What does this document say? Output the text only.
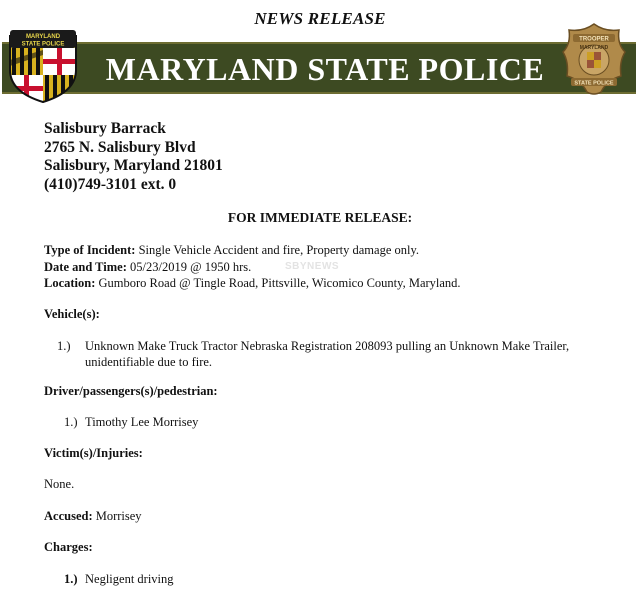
NEWS RELEASE
MARYLAND STATE POLICE
MARYLAND
STATE POLICE
TROOPER
MARYLAND
STATE POLICE
Salisbury Barrack
2765 N. Salisbury Blvd
Salisbury, Maryland 21801
(410)749-3101 ext. 0
FOR IMMEDIATE RELEASE:
Type of Incident: Single Vehicle Accident and fire, Property damage only.
Date and Time: 05/23/2019 @ 1950 hrs.
Location: Gumboro Road @ Tingle Road, Pittsville, Wicomico County, Maryland.
SBYNEWS
Vehicle(s):
1.) Unknown Make Truck Tractor Nebraska Registration 208093 pulling an Unknown Make Trailer,
unidentifiable due to fire.
Driver/passengers(s)/pedestrian:
1.) Timothy Lee Morrisey
Victim(s)/Injuries:
None.
Accused: Morrisey
Charges:
1.) Negligent driving
